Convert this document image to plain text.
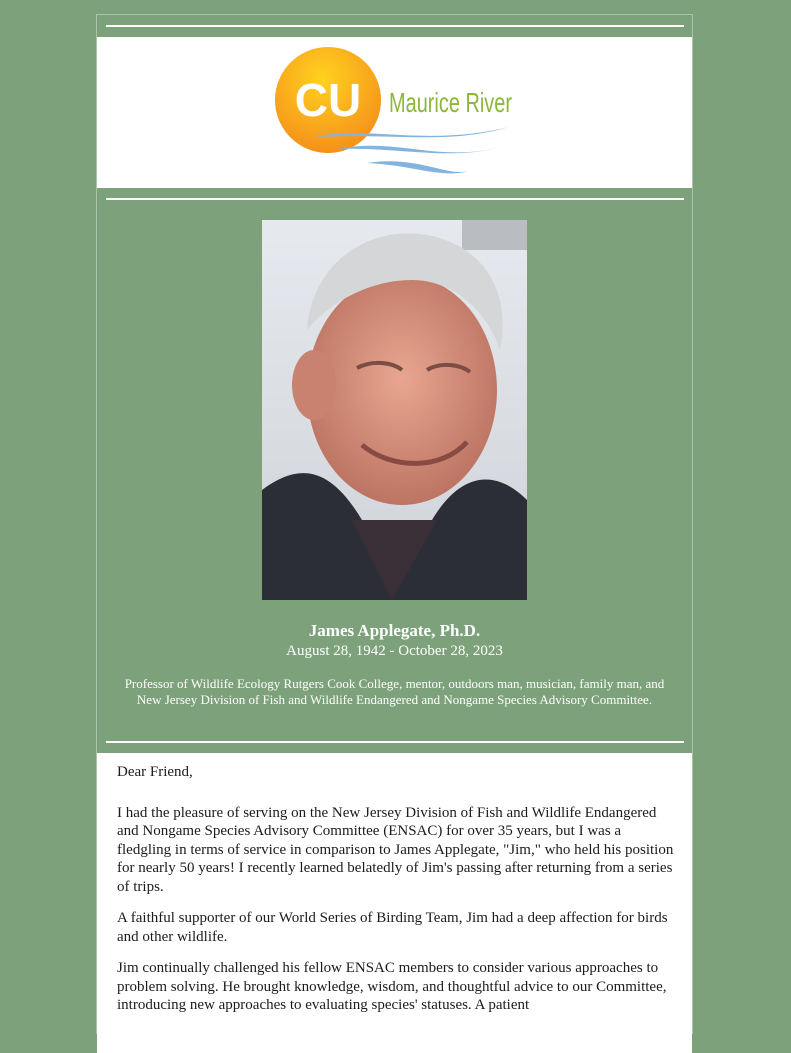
CU Maurice River
James Applegate, Ph.D.
August 28, 1942 - October 28, 2023
Professor of Wildlife Ecology Rutgers Cook College, mentor, outdoors man, musician, family man, and New Jersey Division of Fish and Wildlife Endangered and Nongame Species Advisory Committee.

Dear Friend,

I had the pleasure of serving on the New Jersey Division of Fish and Wildlife Endangered and Nongame Species Advisory Committee (ENSAC) for over 35 years, but I was a fledgling in terms of service in comparison to James Applegate, "Jim," who held his position for nearly 50 years! I recently learned belatedly of Jim's passing after returning from a series of trips.

A faithful supporter of our World Series of Birding Team, Jim had a deep affection for birds and other wildlife.

Jim continually challenged his fellow ENSAC members to consider various approaches to problem solving. He brought knowledge, wisdom, and thoughtful advice to our Committee, introducing new approaches to evaluating species' statuses. A patient
